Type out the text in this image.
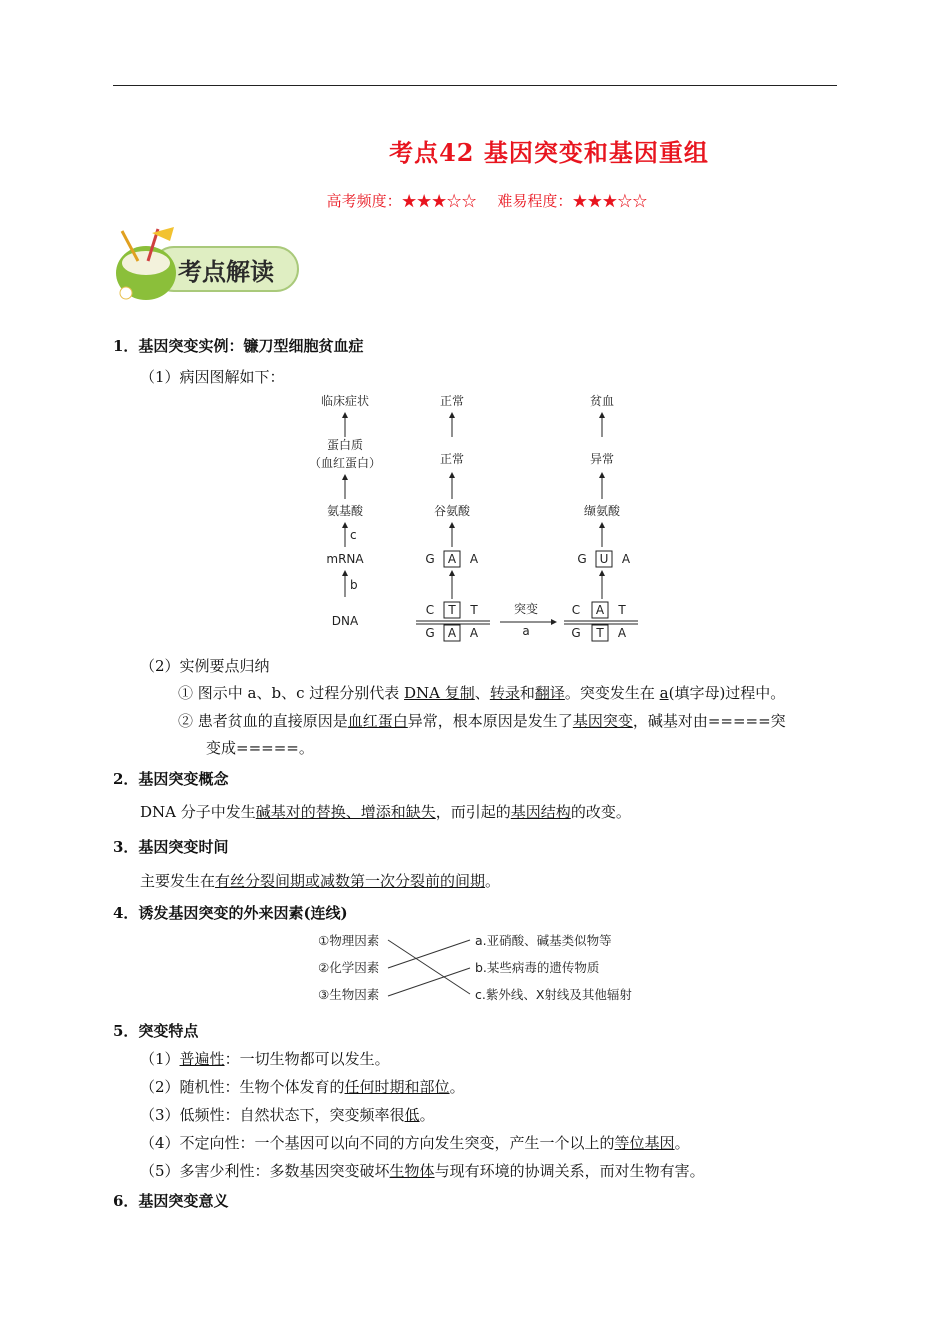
考点42 基因突变和基因重组
高考频度：★★★☆☆ 难易程度：★★★☆☆
考点解读
1．基因突变实例：镰刀型细胞贫血症
（1）病因图解如下：
临床症状
蛋白质
（血红蛋白）
氨基酸
c
mRNA
b
DNA
正常
正常
谷氨酸
G A A
C T T
G A A
突变
a
贫血
异常
缬氨酸
G U A
C A T
G T A
（2）实例要点归纳
① 图示中 a、b、c 过程分别代表 DNA 复制、转录和翻译。突变发生在 a(填字母)过程中。
② 患者贫血的直接原因是血红蛋白异常，根本原因是发生了基因突变，碱基对由=====突
变成=====。
2．基因突变概念
DNA 分子中发生碱基对的替换、增添和缺失，而引起的基因结构的改变。
3．基因突变时间
主要发生在有丝分裂间期或减数第一次分裂前的间期。
4．诱发基因突变的外来因素(连线)
①物理因素
②化学因素
③生物因素
a.亚硝酸、碱基类似物等
b.某些病毒的遗传物质
c.紫外线、X射线及其他辐射
5．突变特点
（1）普遍性：一切生物都可以发生。
（2）随机性：生物个体发育的任何时期和部位。
（3）低频性：自然状态下，突变频率很低。
（4）不定向性：一个基因可以向不同的方向发生突变，产生一个以上的等位基因。
（5）多害少利性：多数基因突变破坏生物体与现有环境的协调关系，而对生物有害。
6．基因突变意义
